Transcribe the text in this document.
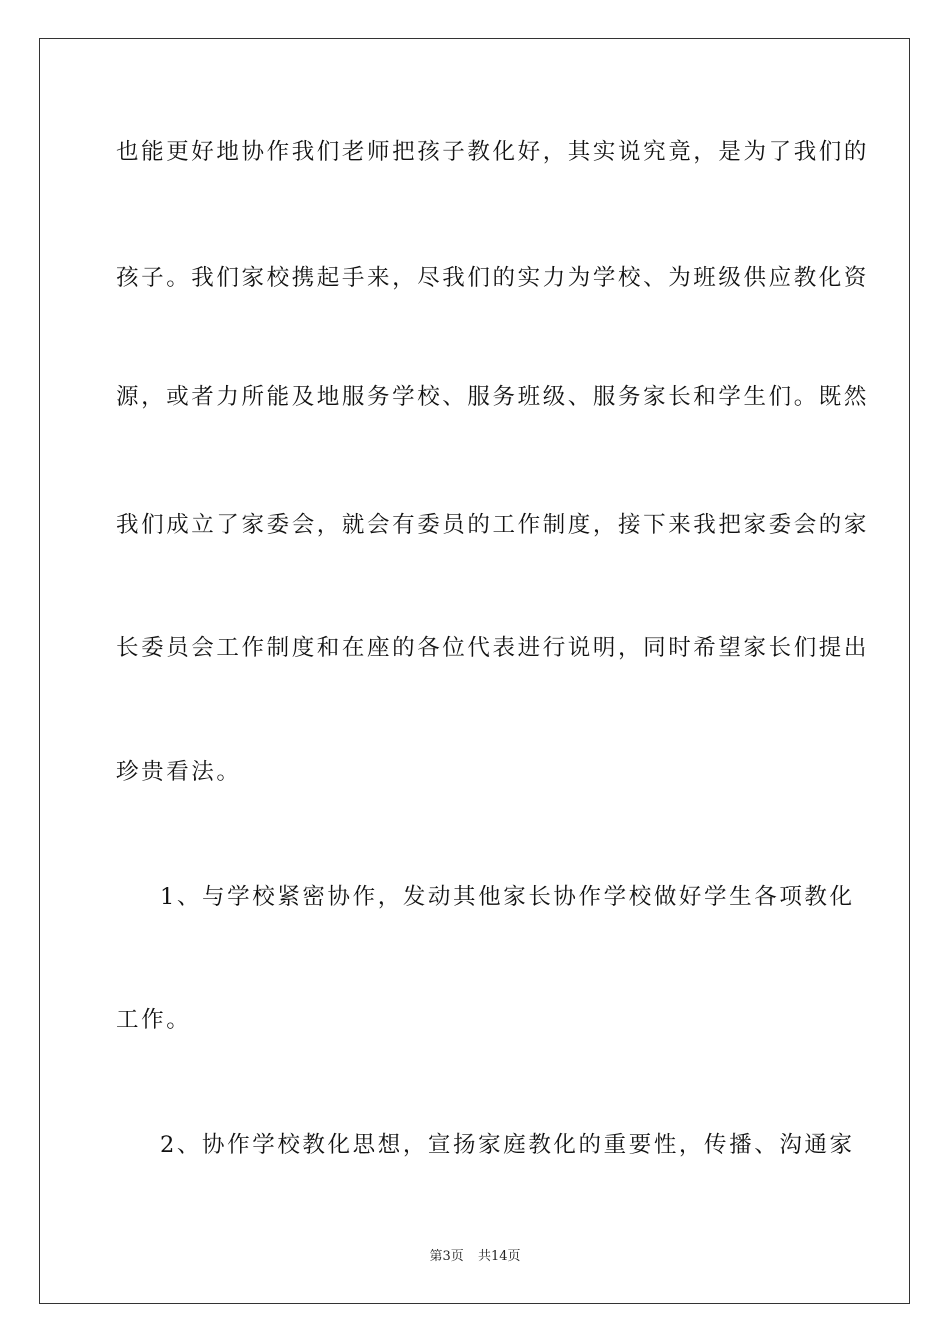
也能更好地协作我们老师把孩子教化好，其实说究竟，是为了我们的
孩子。我们家校携起手来，尽我们的实力为学校、为班级供应教化资
源，或者力所能及地服务学校、服务班级、服务家长和学生们。既然
我们成立了家委会，就会有委员的工作制度，接下来我把家委会的家
长委员会工作制度和在座的各位代表进行说明，同时希望家长们提出
珍贵看法。
1、与学校紧密协作，发动其他家长协作学校做好学生各项教化
工作。
2、协作学校教化思想，宣扬家庭教化的重要性，传播、沟通家
第3页 共14页
